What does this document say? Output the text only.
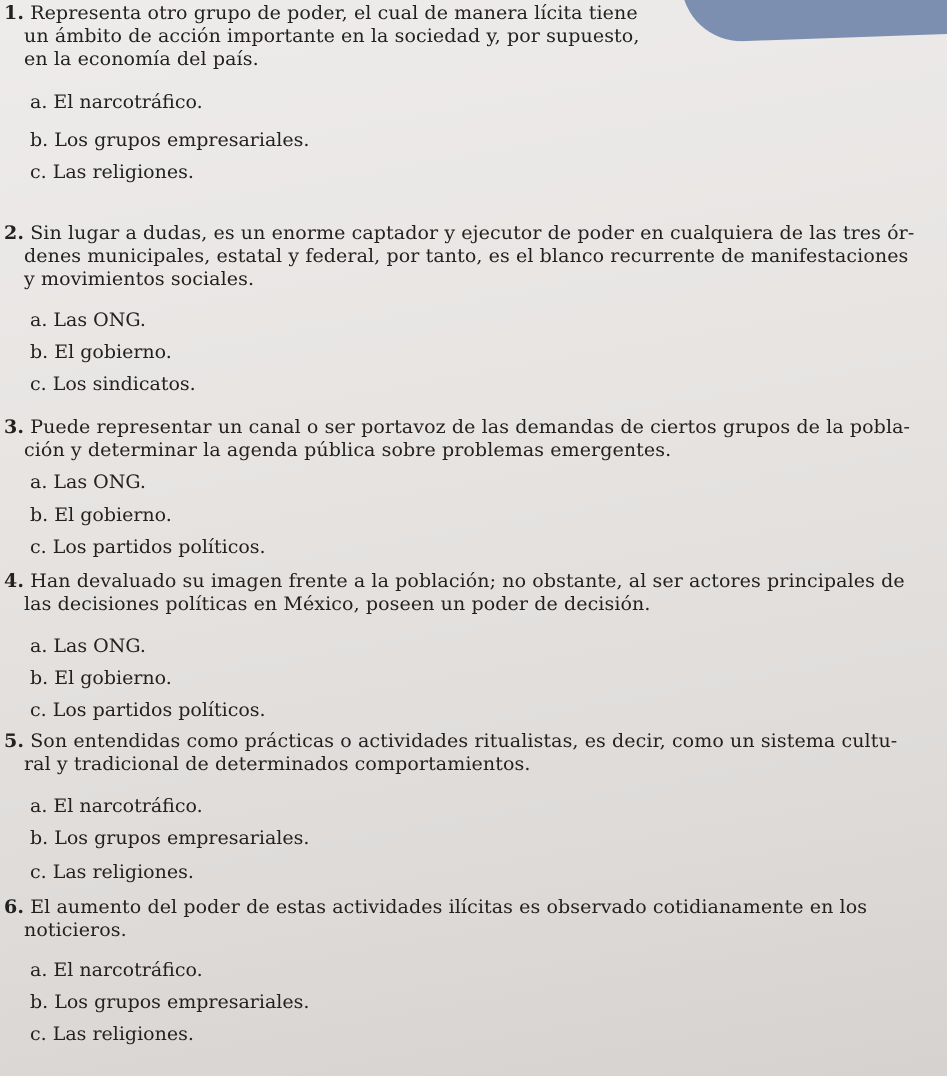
1. Representa otro grupo de poder, el cual de manera lícita tiene
un ámbito de acción importante en la sociedad y, por supuesto,
en la economía del país.
a. El narcotráfico.
b. Los grupos empresariales.
c. Las religiones.
2. Sin lugar a dudas, es un enorme captador y ejecutor de poder en cualquiera de las tres ór-
denes municipales, estatal y federal, por tanto, es el blanco recurrente de manifestaciones
y movimientos sociales.
a. Las ONG.
b. El gobierno.
c. Los sindicatos.
3. Puede representar un canal o ser portavoz de las demandas de ciertos grupos de la pobla-
ción y determinar la agenda pública sobre problemas emergentes.
a. Las ONG.
b. El gobierno.
c. Los partidos políticos.
4. Han devaluado su imagen frente a la población; no obstante, al ser actores principales de
las decisiones políticas en México, poseen un poder de decisión.
a. Las ONG.
b. El gobierno.
c. Los partidos políticos.
5. Son entendidas como prácticas o actividades ritualistas, es decir, como un sistema cultu-
ral y tradicional de determinados comportamientos.
a. El narcotráfico.
b. Los grupos empresariales.
c. Las religiones.
6. El aumento del poder de estas actividades ilícitas es observado cotidianamente en los
noticieros.
a. El narcotráfico.
b. Los grupos empresariales.
c. Las religiones.
